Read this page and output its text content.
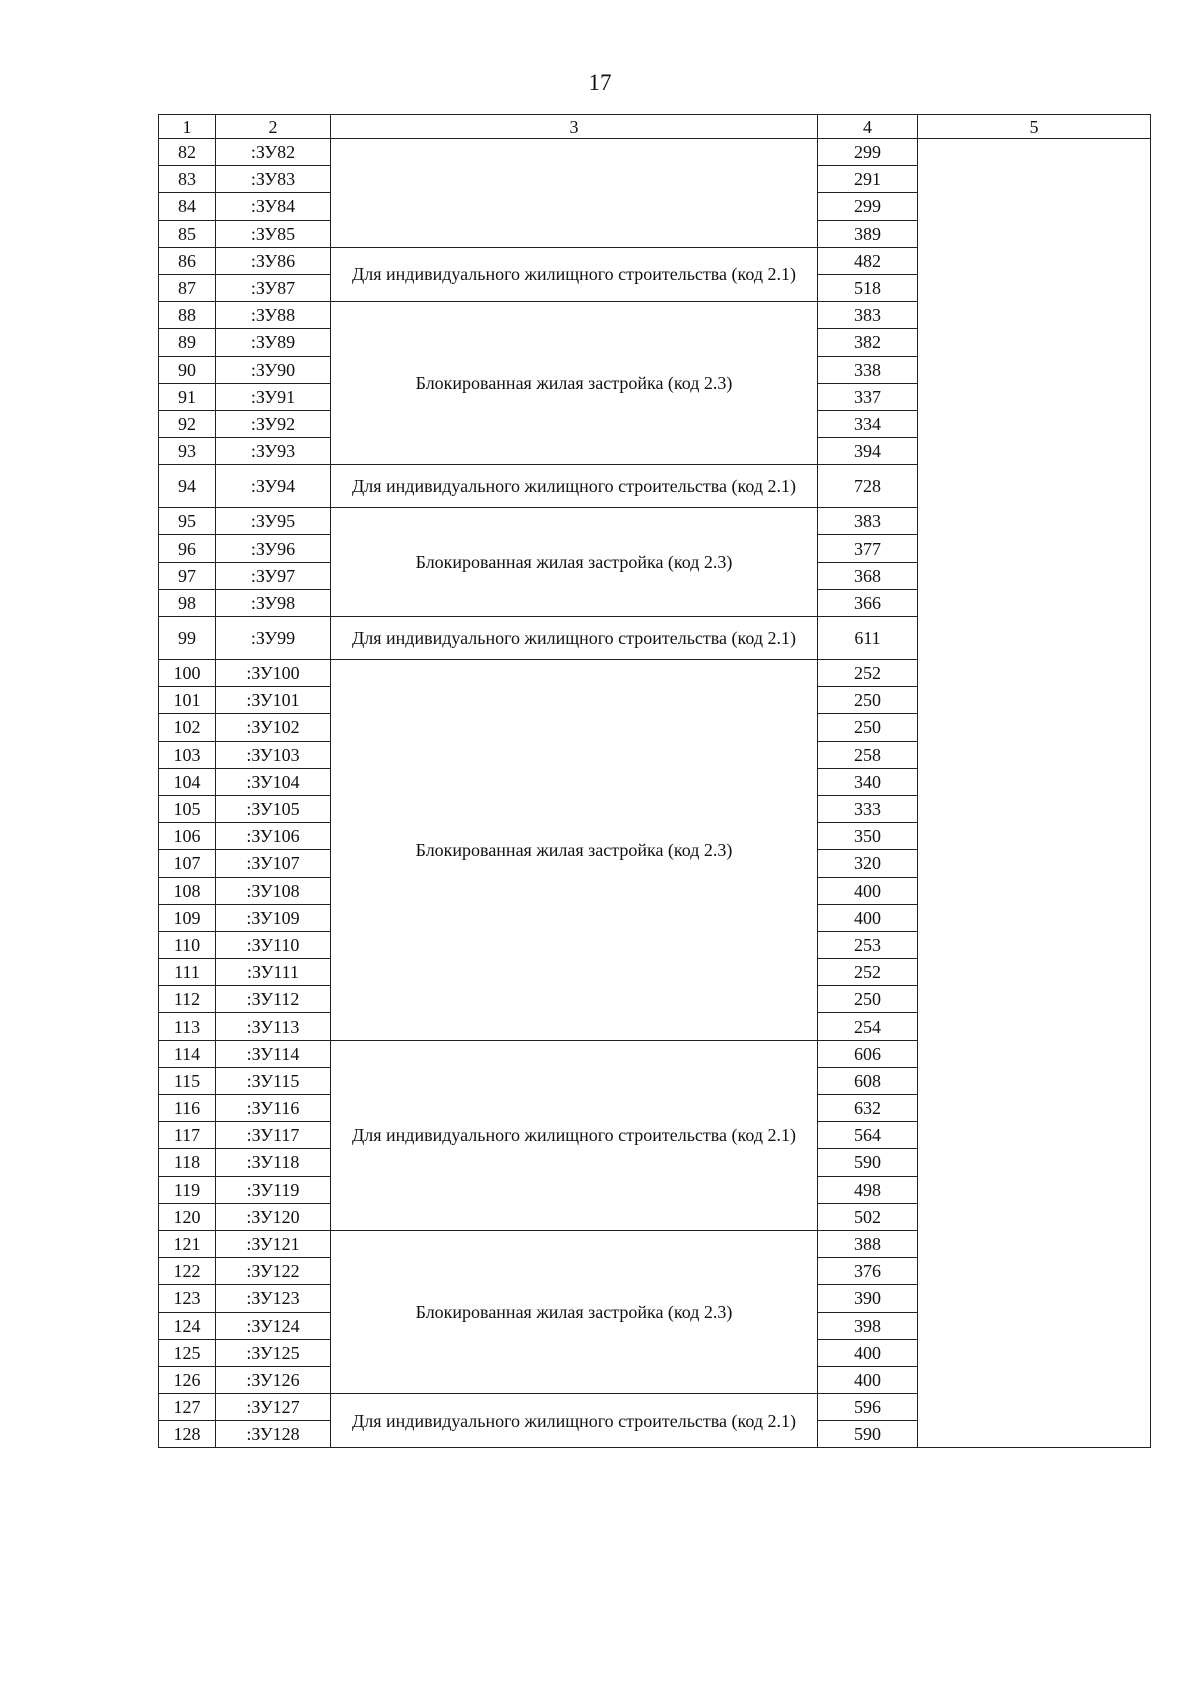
17
1	2	3	4	5
82	:ЗУ82		299	
83	:ЗУ83		291	
84	:ЗУ84		299	
85	:ЗУ85		389	
86	:ЗУ86	Для индивидуального жилищного строительства (код 2.1)	482	
87	:ЗУ87		518	
88	:ЗУ88	Блокированная жилая застройка (код 2.3)	383	
89	:ЗУ89		382	
90	:ЗУ90		338	
91	:ЗУ91		337	
92	:ЗУ92		334	
93	:ЗУ93		394	
94	:ЗУ94	Для индивидуального жилищного строительства (код 2.1)	728	
95	:ЗУ95	Блокированная жилая застройка (код 2.3)	383	
96	:ЗУ96		377	
97	:ЗУ97		368	
98	:ЗУ98		366	
99	:ЗУ99	Для индивидуального жилищного строительства (код 2.1)	611	
100	:ЗУ100	Блокированная жилая застройка (код 2.3)	252	
101	:ЗУ101		250	
102	:ЗУ102		250	
103	:ЗУ103		258	
104	:ЗУ104		340	
105	:ЗУ105		333	
106	:ЗУ106		350	
107	:ЗУ107		320	
108	:ЗУ108		400	
109	:ЗУ109		400	
110	:ЗУ110		253	
111	:ЗУ111		252	
112	:ЗУ112		250	
113	:ЗУ113		254	
114	:ЗУ114	Для индивидуального жилищного строительства (код 2.1)	606	
115	:ЗУ115		608	
116	:ЗУ116		632	
117	:ЗУ117		564	
118	:ЗУ118		590	
119	:ЗУ119		498	
120	:ЗУ120		502	
121	:ЗУ121	Блокированная жилая застройка (код 2.3)	388	
122	:ЗУ122		376	
123	:ЗУ123		390	
124	:ЗУ124		398	
125	:ЗУ125		400	
126	:ЗУ126		400	
127	:ЗУ127	Для индивидуального жилищного строительства (код 2.1)	596	
128	:ЗУ128		590	
